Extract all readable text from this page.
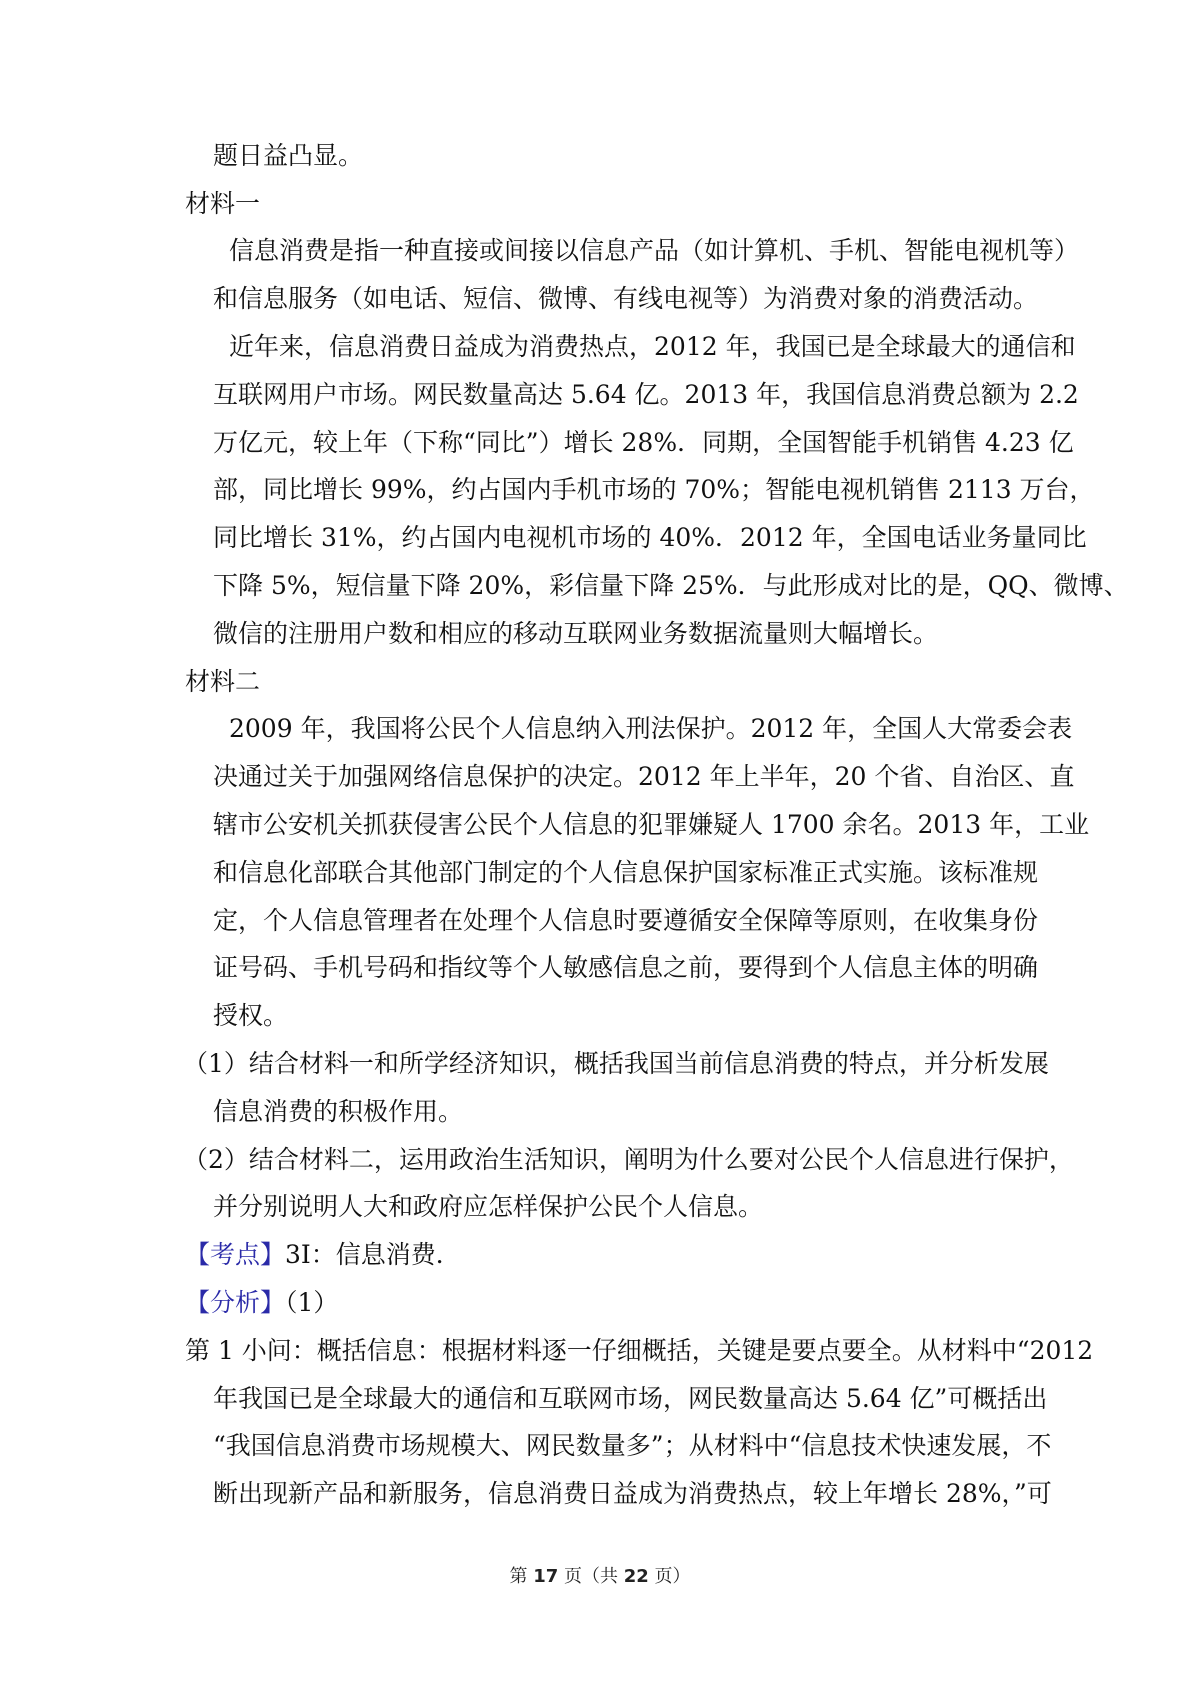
题日益凸显。
材料一
信息消费是指一种直接或间接以信息产品（如计算机、手机、智能电视机等）
和信息服务（如电话、短信、微博、有线电视等）为消费对象的消费活动。
近年来，信息消费日益成为消费热点，2012 年，我国已是全球最大的通信和
互联网用户市场。网民数量高达 5.64 亿。2013 年，我国信息消费总额为 2.2
万亿元，较上年（下称“同比”）增长 28%．同期，全国智能手机销售 4.23 亿
部，同比增长 99%，约占国内手机市场的 70%；智能电视机销售 2113 万台，
同比增长 31%，约占国内电视机市场的 40%．2012 年，全国电话业务量同比
下降 5%，短信量下降 20%，彩信量下降 25%．与此形成对比的是，QQ、微博、
微信的注册用户数和相应的移动互联网业务数据流量则大幅增长。
材料二
2009 年，我国将公民个人信息纳入刑法保护。2012 年，全国人大常委会表
决通过关于加强网络信息保护的决定。2012 年上半年，20 个省、自治区、直
辖市公安机关抓获侵害公民个人信息的犯罪嫌疑人 1700 余名。2013 年，工业
和信息化部联合其他部门制定的个人信息保护国家标准正式实施。该标准规
定，个人信息管理者在处理个人信息时要遵循安全保障等原则，在收集身份
证号码、手机号码和指纹等个人敏感信息之前，要得到个人信息主体的明确
授权。
（1）结合材料一和所学经济知识，概括我国当前信息消费的特点，并分析发展
信息消费的积极作用。
（2）结合材料二，运用政治生活知识，阐明为什么要对公民个人信息进行保护，
并分别说明人大和政府应怎样保护公民个人信息。
【考点】3I：信息消费．
【分析】（1）
第 1 小问：概括信息：根据材料逐一仔细概括，关键是要点要全。从材料中“2012
年我国已是全球最大的通信和互联网市场，网民数量高达 5.64 亿”可概括出
“我国信息消费市场规模大、网民数量多”；从材料中“信息技术快速发展，不
断出现新产品和新服务，信息消费日益成为消费热点，较上年增长 28%，”可
第 17 页（共 22 页）
